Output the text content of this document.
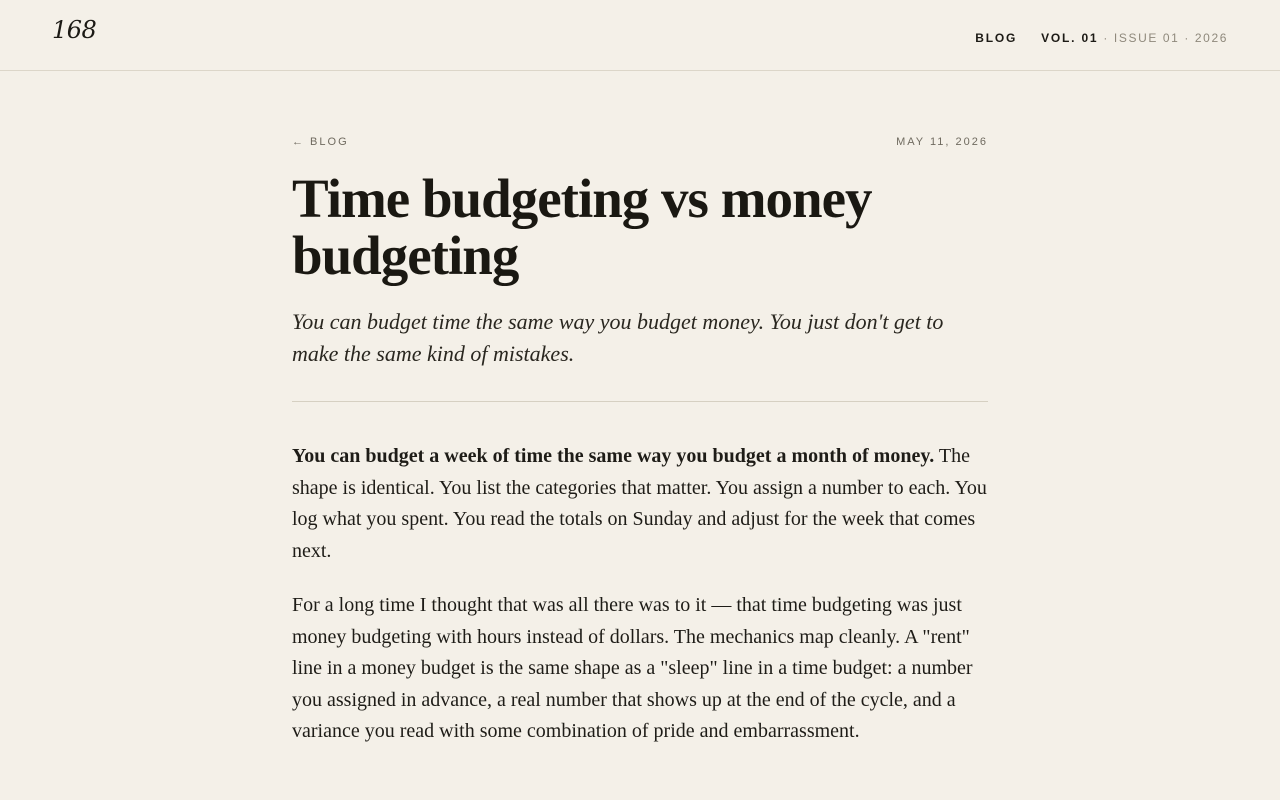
168	BLOG VOL. 01 · ISSUE 01 · 2026
← BLOG	MAY 11, 2026
Time budgeting vs money budgeting

You can budget time the same way you budget money. You just don't get to make the same kind of mistakes.

You can budget a week of time the same way you budget a month of money. The shape is identical. You list the categories that matter. You assign a number to each. You log what you spent. You read the totals on Sunday and adjust for the week that comes next.

For a long time I thought that was all there was to it — that time budgeting was just money budgeting with hours instead of dollars. The mechanics map cleanly. A "rent" line in a money budget is the same shape as a "sleep" line in a time budget: a number you assigned in advance, a real number that shows up at the end of the cycle, and a variance you read with some combination of pride and embarrassment.
